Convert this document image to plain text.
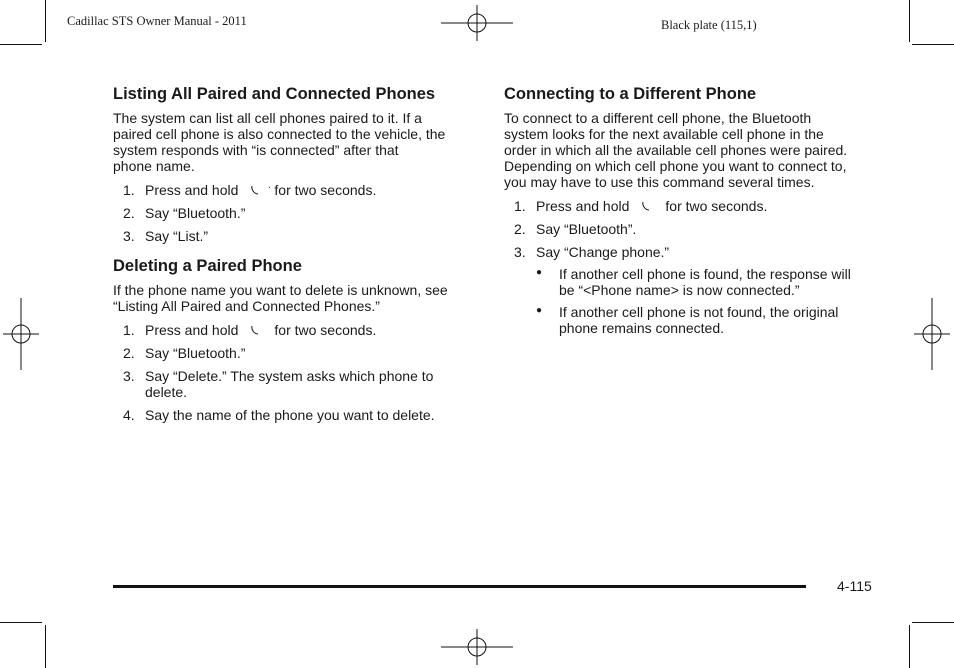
Cadillac STS Owner Manual - 2011	Black plate (115,1)
Listing All Paired and Connected Phones

The system can list all cell phones paired to it. If a
paired cell phone is also connected to the vehicle, the
system responds with “is connected” after that
phone name.

1. Press and hold	for two seconds.
2. Say “Bluetooth.”
3. Say “List.”
Deleting a Paired Phone

If the phone name you want to delete is unknown, see
“Listing All Paired and Connected Phones.”

1. Press and hold	for two seconds.
2. Say “Bluetooth.”
3. Say “Delete.” The system asks which phone to
delete.
4. Say the name of the phone you want to delete.
Connecting to a Different Phone

To connect to a different cell phone, the Bluetooth
system looks for the next available cell phone in the
order in which all the available cell phones were paired.
Depending on which cell phone you want to connect to,
you may have to use this command several times.

1. Press and hold	for two seconds.
2. Say “Bluetooth”.
3. Say “Change phone.”
●	If another cell phone is found, the response will
be “<Phone name> is now connected.”
●	If another cell phone is not found, the original
phone remains connected.
4-115
